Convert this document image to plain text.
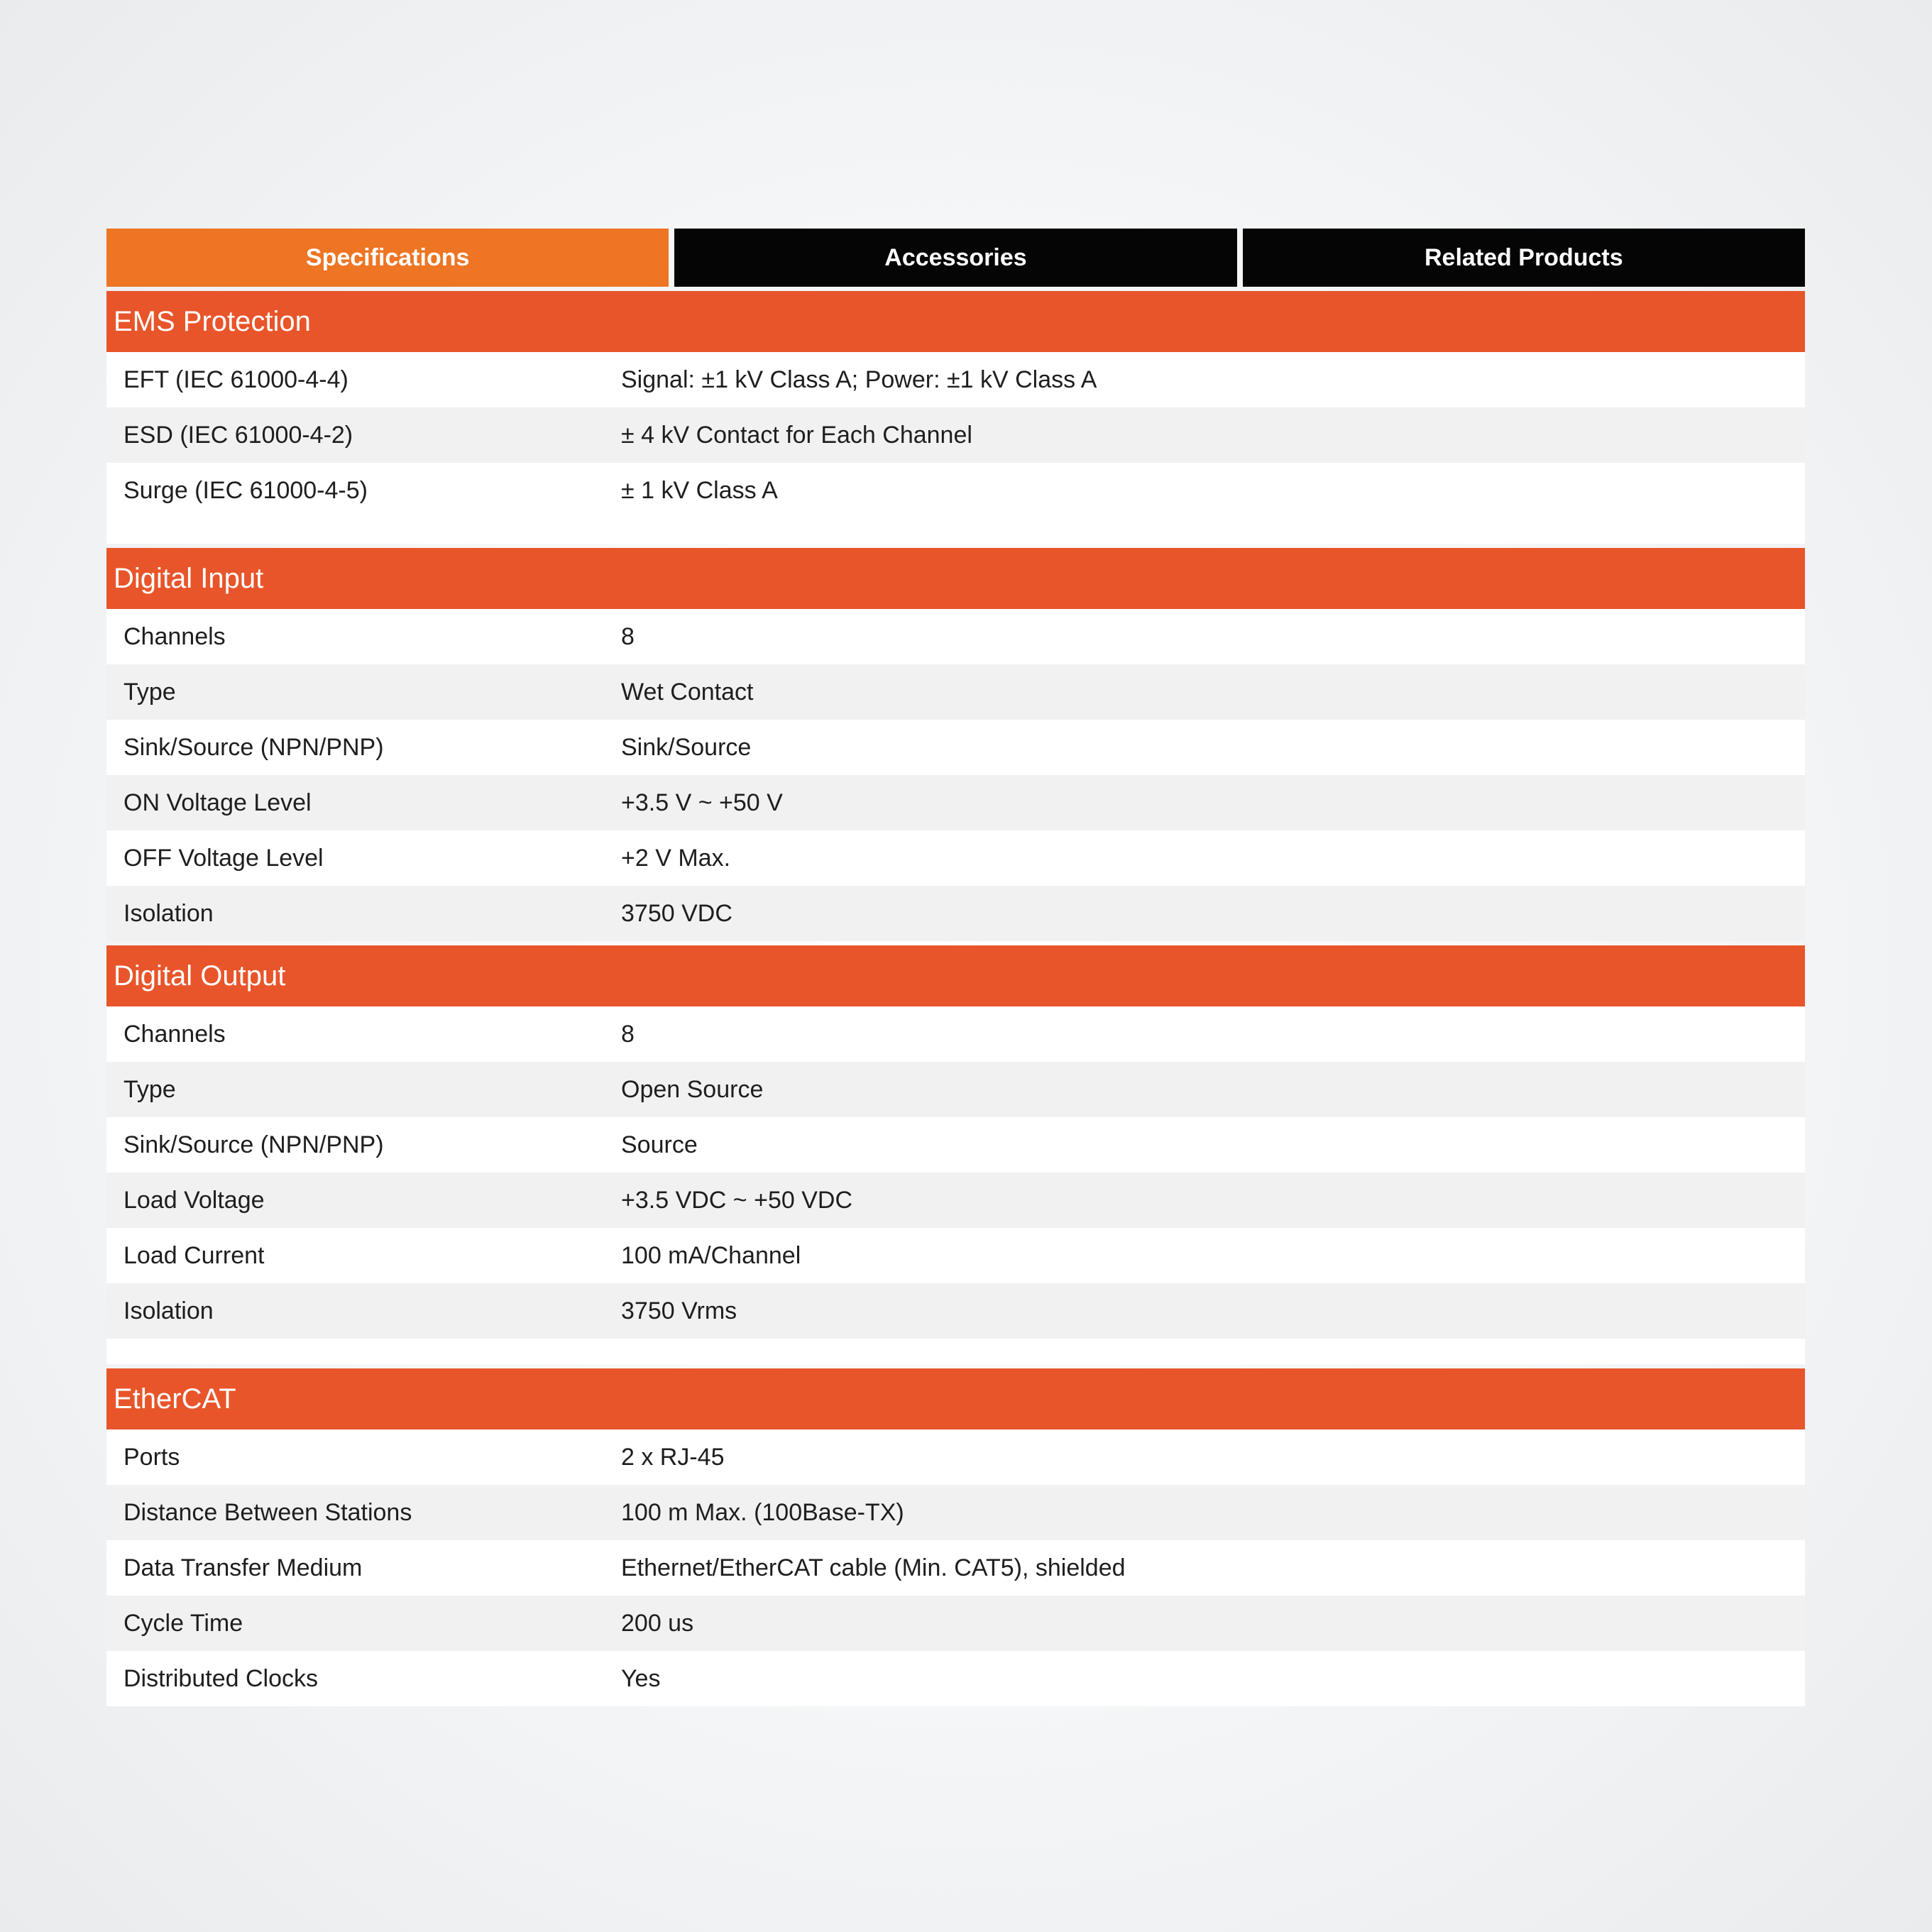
Specifications	Accessories	Related Products
EMS Protection
EFT (IEC 61000-4-4)	Signal: ±1 kV Class A; Power: ±1 kV Class A
ESD (IEC 61000-4-2)	± 4 kV Contact for Each Channel
Surge (IEC 61000-4-5)	± 1 kV Class A
Digital Input
Channels	8
Type	Wet Contact
Sink/Source (NPN/PNP)	Sink/Source
ON Voltage Level	+3.5 V ~ +50 V
OFF Voltage Level	+2 V Max.
Isolation	3750 VDC
Digital Output
Channels	8
Type	Open Source
Sink/Source (NPN/PNP)	Source
Load Voltage	+3.5 VDC ~ +50 VDC
Load Current	100 mA/Channel
Isolation	3750 Vrms
EtherCAT
Ports	2 x RJ-45
Distance Between Stations	100 m Max. (100Base-TX)
Data Transfer Medium	Ethernet/EtherCAT cable (Min. CAT5), shielded
Cycle Time	200 us
Distributed Clocks	Yes
